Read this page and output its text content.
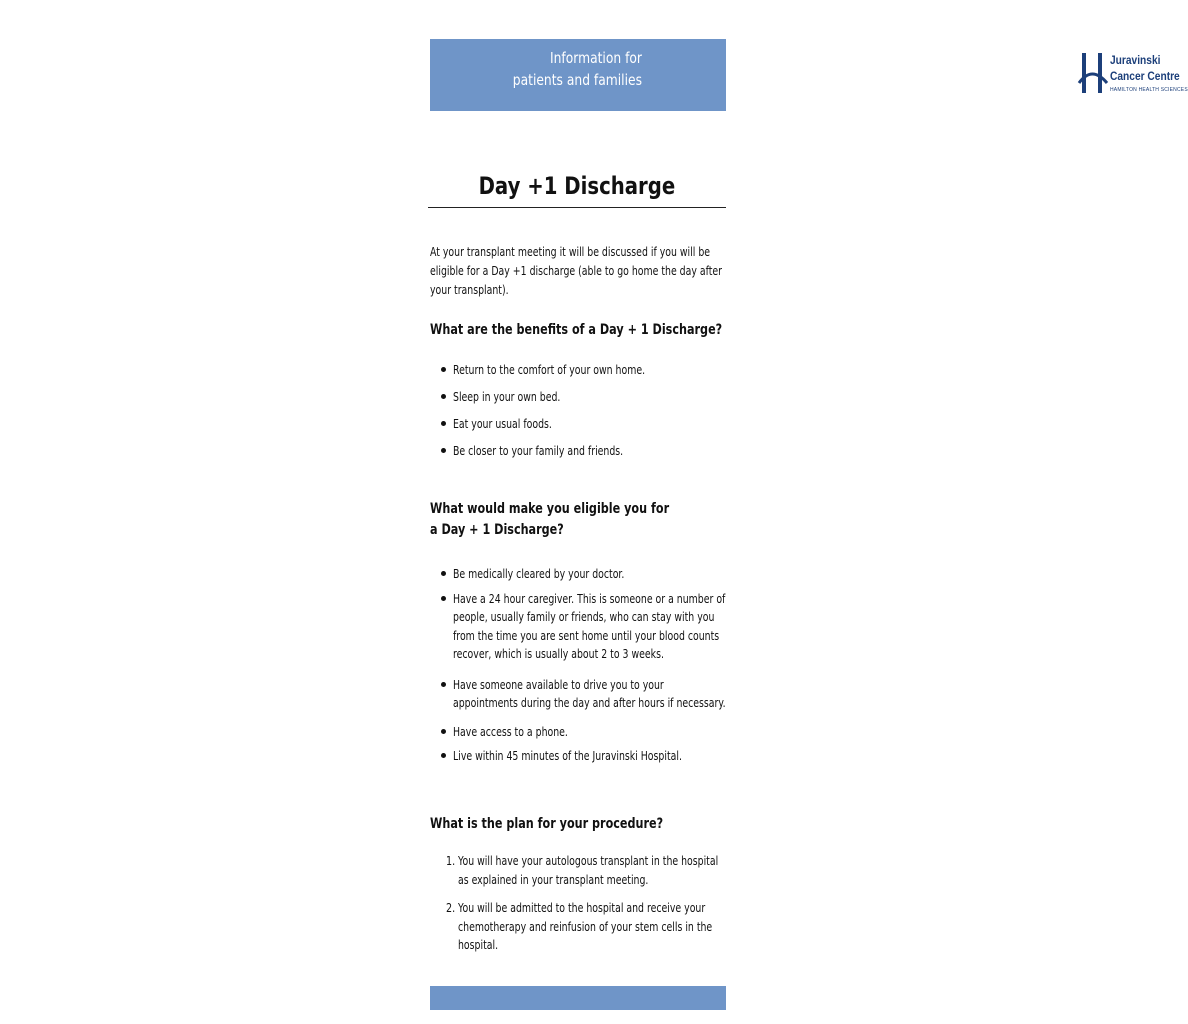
Information for
patients and families
Juravinski
Cancer Centre
HAMILTON HEALTH SCIENCES
Day +1 Discharge
At your transplant meeting it will be discussed if you will be eligible for a Day +1 discharge (able to go home the day after your transplant).
What are the benefits of a Day + 1 Discharge?
Return to the comfort of your own home.
Sleep in your own bed.
Eat your usual foods.
Be closer to your family and friends.
What would make you eligible you for
a Day + 1 Discharge?
Be medically cleared by your doctor.
Have a 24 hour caregiver. This is someone or a number of people, usually family or friends, who can stay with you from the time you are sent home until your blood counts recover, which is usually about 2 to 3 weeks.
Have someone available to drive you to your appointments during the day and after hours if necessary.
Have access to a phone.
Live within 45 minutes of the Juravinski Hospital.
What is the plan for your procedure?
1. You will have your autologous transplant in the hospital as explained in your transplant meeting.
2. You will be admitted to the hospital and receive your chemotherapy and reinfusion of your stem cells in the hospital.
